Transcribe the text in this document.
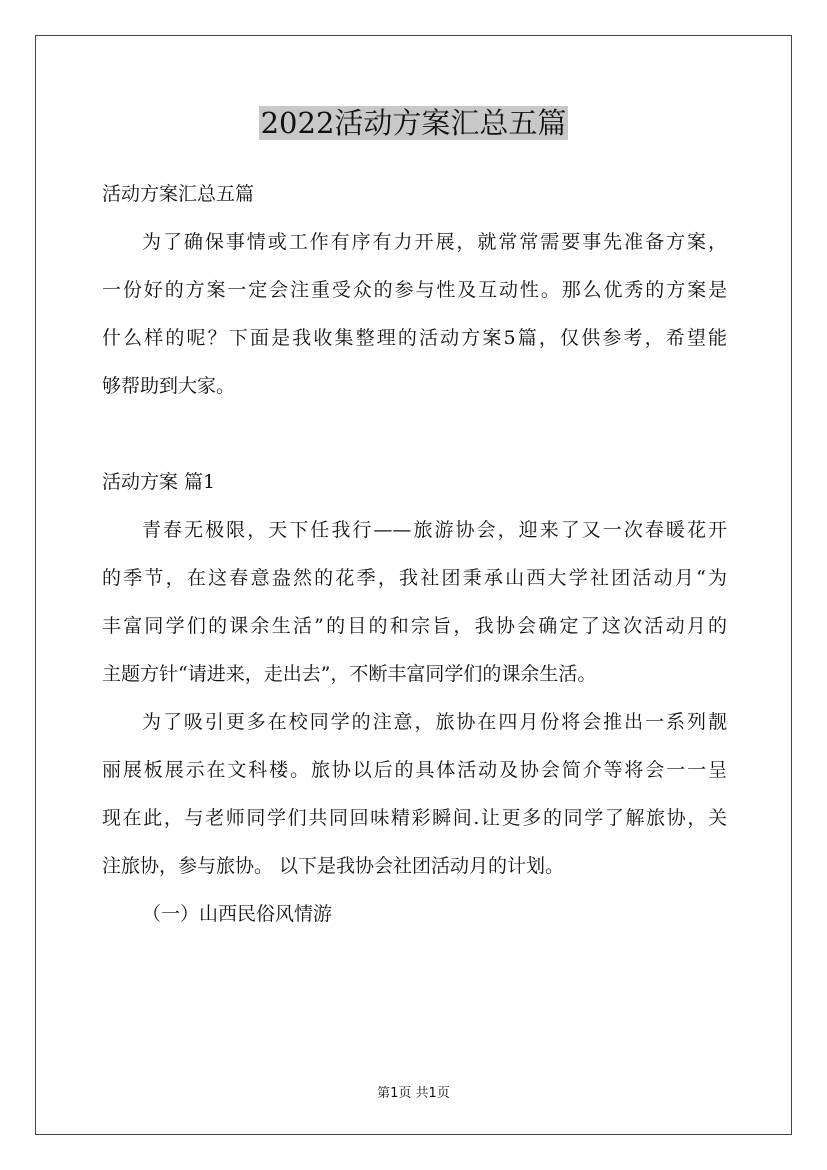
2022活动方案汇总五篇
活动方案汇总五篇
为了确保事情或工作有序有力开展，就常常需要事先准备方案，
一份好的方案一定会注重受众的参与性及互动性。那么优秀的方案是
什么样的呢？下面是我收集整理的活动方案5篇，仅供参考，希望能
够帮助到大家。
活动方案 篇1
青春无极限，天下任我行——旅游协会，迎来了又一次春暖花开
的季节，在这春意盎然的花季，我社团秉承山西大学社团活动月“为
丰富同学们的课余生活”的目的和宗旨，我协会确定了这次活动月的
主题方针“请进来，走出去”，不断丰富同学们的课余生活。
为了吸引更多在校同学的注意，旅协在四月份将会推出一系列靓
丽展板展示在文科楼。旅协以后的具体活动及协会简介等将会一一呈
现在此，与老师同学们共同回味精彩瞬间.让更多的同学了解旅协，关
注旅协，参与旅协。 以下是我协会社团活动月的计划。
（一）山西民俗风情游
第1页 共1页
